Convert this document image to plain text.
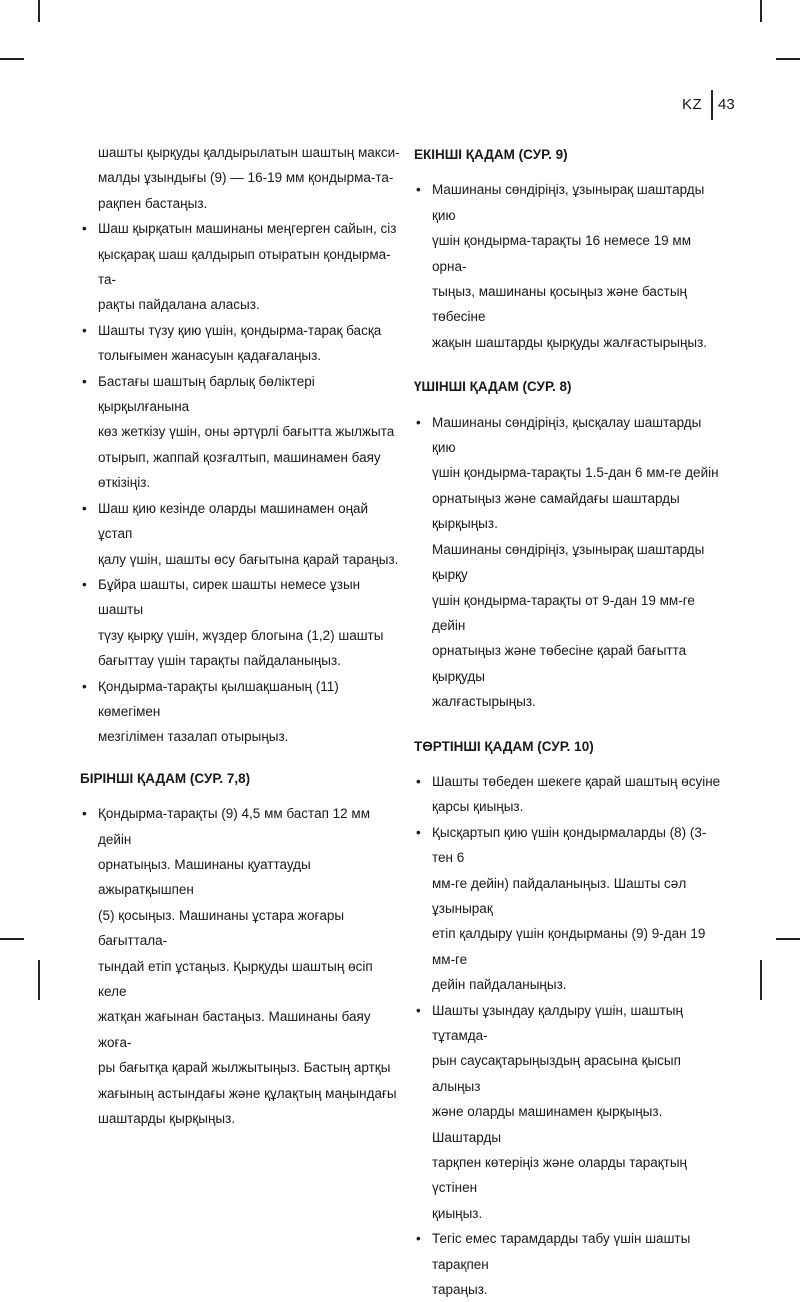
KZ 43
шашты қырқуды қалдырылатын шаштың макси-
малды ұзындығы (9) — 16-19 мм қондырма-та-
рақпен бастаңыз.
• Шаш қырқатын машинаны меңгерген сайын, сіз
қысқарақ шаш қалдырып отыратын қондырма-та-
рақты пайдалана аласыз.
• Шашты түзу қию үшін, қондырма-тарақ басқа
толығымен жанасуын қадағалаңыз.
• Бастағы шаштың барлық бөліктері қырқылғанына
көз жеткізу үшін, оны әртүрлі бағытта жылжыта
отырып, жаппай қозғалтып, машинамен баяу
өткізіңіз.
• Шаш қию кезінде оларды машинамен оңай ұстап
қалу үшін, шашты өсу бағытына қарай тараңыз.
• Бұйра шашты, сирек шашты немесе ұзын шашты
түзу қырқу үшін, жүздер блогына (1,2) шашты
бағыттау үшін тарақты пайдаланыңыз.
• Қондырма-тарақты қылшақшаның (11) көмегімен
мезгілімен тазалап отырыңыз.
БІРІНШІ ҚАДАМ (СУР. 7,8)
• Қондырма-тарақты (9) 4,5 мм бастап 12 мм дейін
орнатыңыз. Машинаны қуаттауды ажыратқышпен
(5) қосыңыз. Машинаны ұстара жоғары бағытталa-
тындай етіп ұстаңыз. Қырқуды шаштың өсіп келе
жатқан жағынан бастаңыз. Машинаны баяу жоға-
ры бағытқа қарай жылжытыңыз. Бастың артқы
жағының астындағы және құлақтың маңындағы
шаштарды қырқыңыз.
ЕКІНШІ ҚАДАМ (СУР. 9)
• Машинаны сөндіріңіз, ұзынырақ шаштарды қию
үшін қондырма-тарақты 16 немесе 19 мм орна-
тыңыз, машинаны қосыңыз және бастың төбесіне
жақын шаштарды қырқуды жалғастырыңыз.
ҮШІНШІ ҚАДАМ (СУР. 8)
• Машинаны сөндіріңіз, қысқалау шаштарды қию
үшін қондырма-тарақты 1.5-дан 6 мм-ге дейін
орнатыңыз және самайдағы шаштарды қырқыңыз.
Машинаны сөндіріңіз, ұзынырақ шаштарды қырқу
үшін қондырма-тарақты от 9-дан 19 мм-ге дейін
орнатыңыз және төбесіне қарай бағытта қырқуды
жалғастырыңыз.
ТӨРТІНШІ ҚАДАМ (СУР. 10)
• Шашты төбеден шекеге қарай шаштың өсуіне
қарсы қиыңыз.
• Қысқартып қию үшін қондырмаларды (8) (3-тен 6
мм-ге дейін) пайдаланыңыз. Шашты сәл ұзынырақ
етіп қалдыру үшін қондырманы (9) 9-дан 19 мм-ге
дейін пайдаланыңыз.
• Шашты ұзындау қалдыру үшін, шаштың тұтамда-
рын саусақтарыңыздың арасына қысып алыңыз
және оларды машинамен қырқыңыз. Шаштарды
тарқпен көтеріңіз және оларды тарақтың үстінен
қиыңыз.
• Тегіс емес тарамдарды табу үшін шашты тарақпен
тараңыз.
